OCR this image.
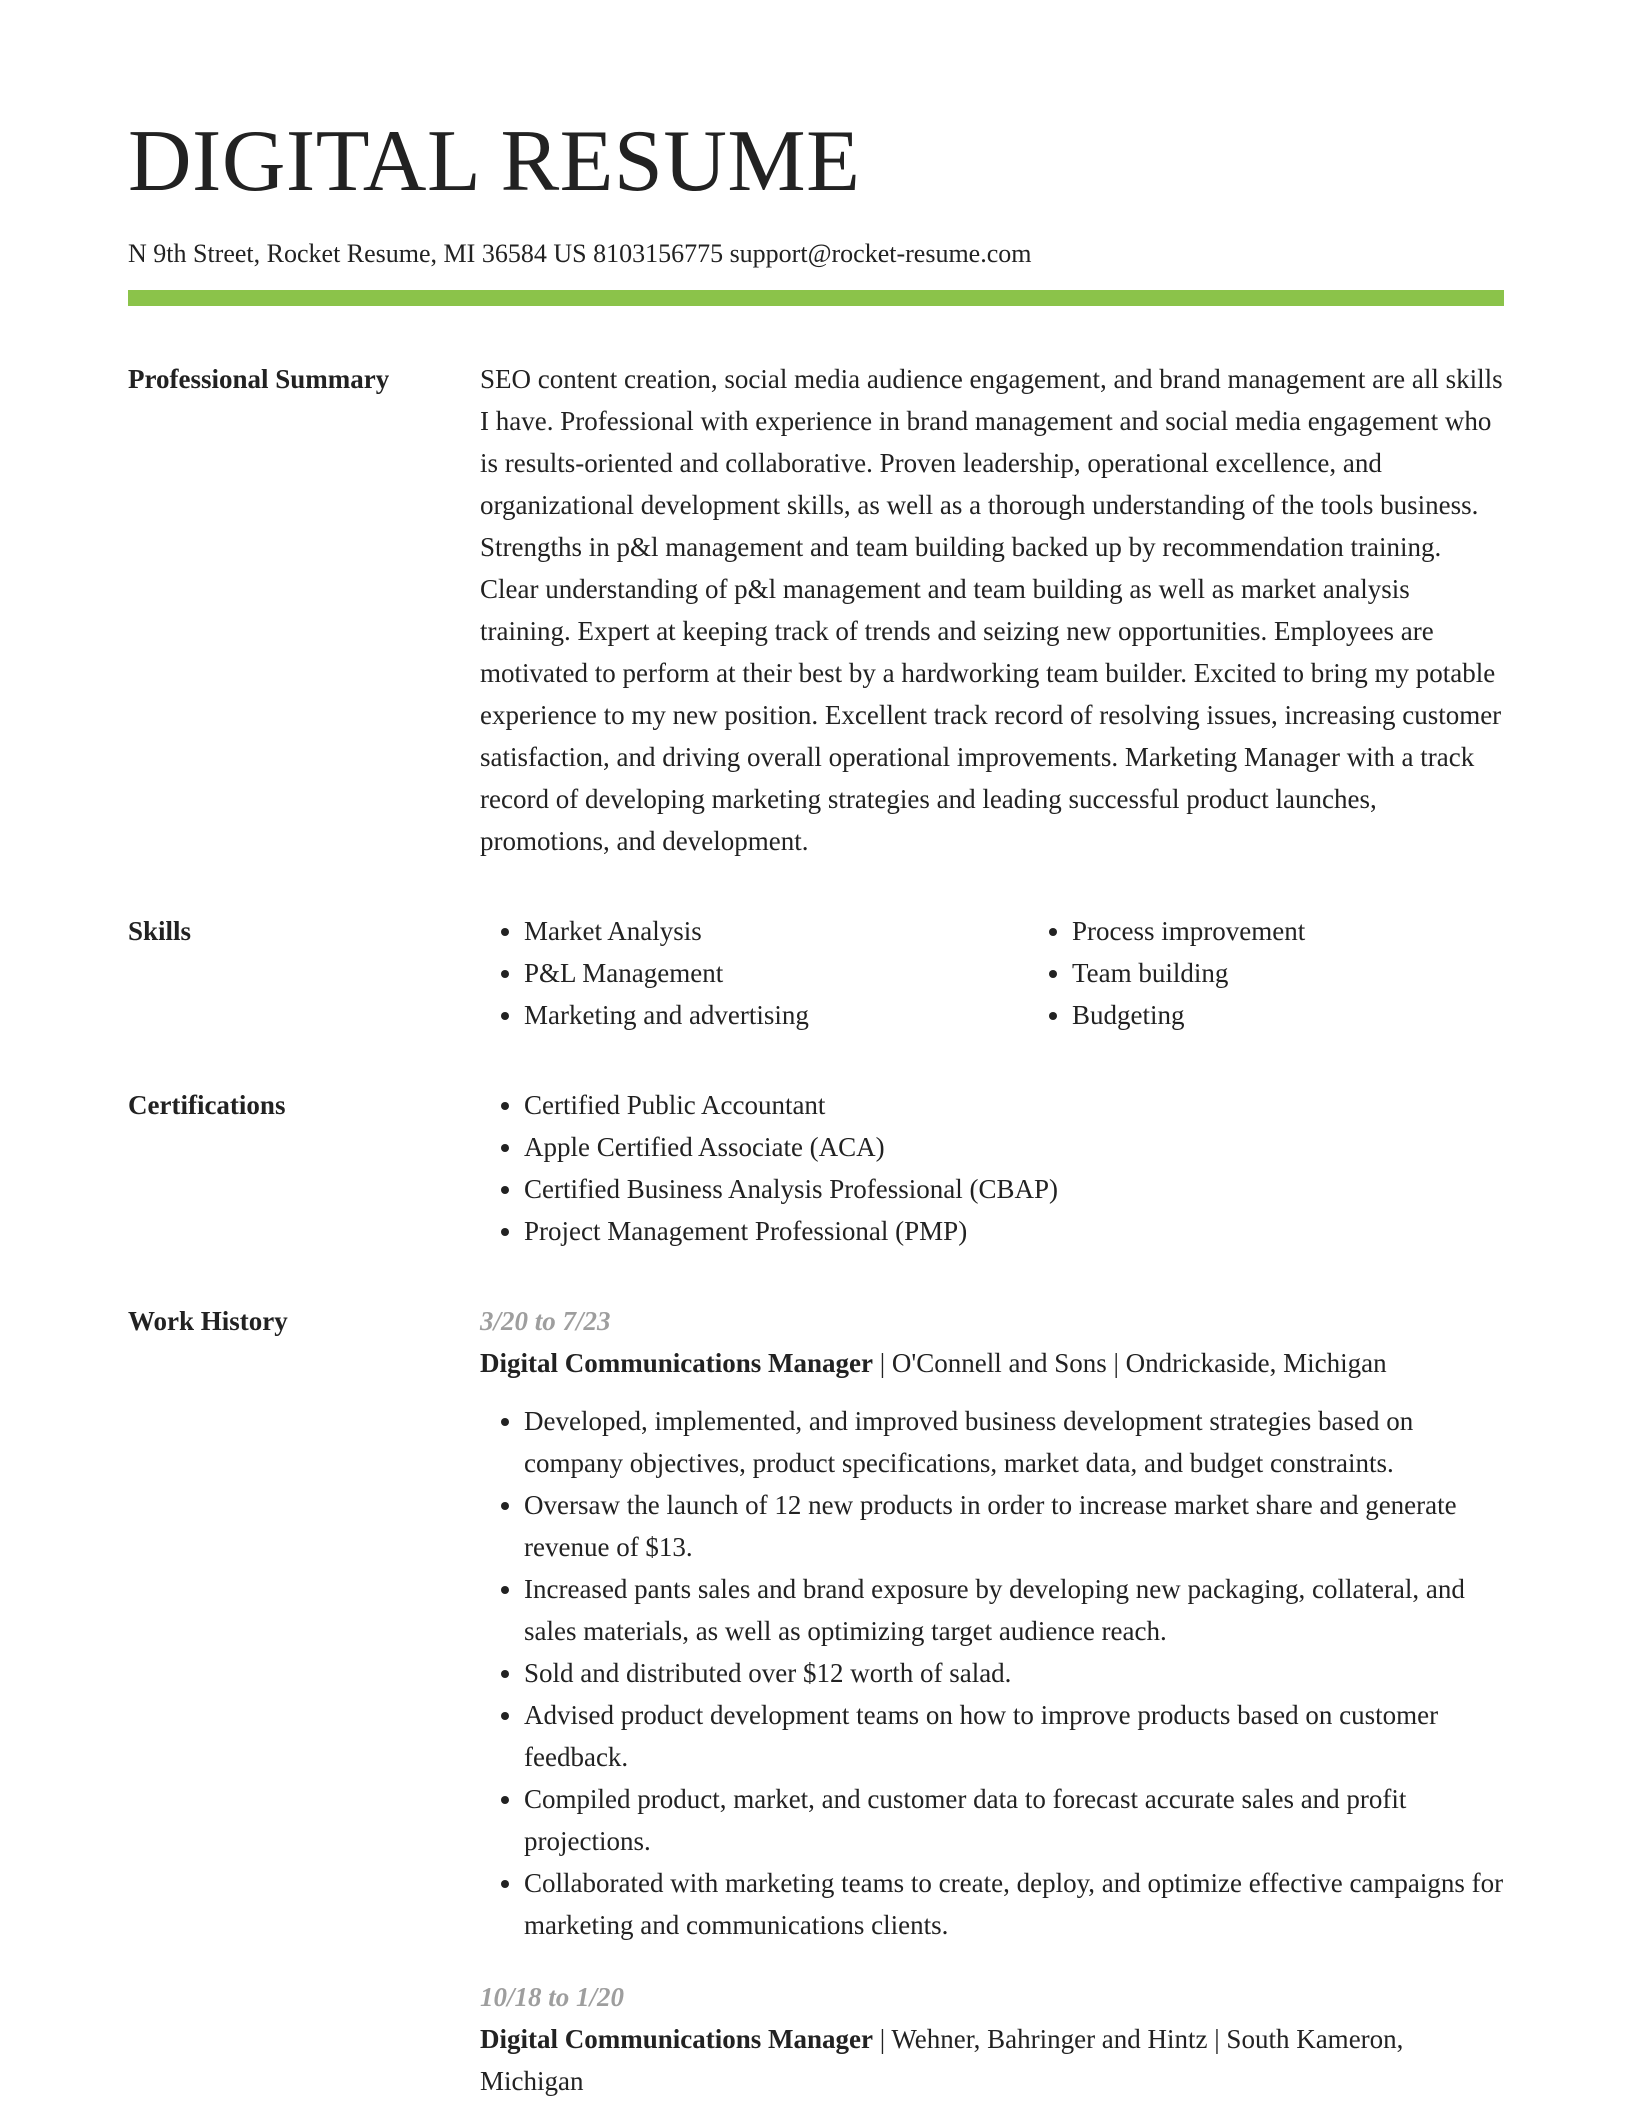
DIGITAL RESUME
N 9th Street, Rocket Resume, MI 36584 US 8103156775 support@rocket-resume.com
Professional Summary	SEO content creation, social media audience engagement, and brand management are all skills I have. Professional with experience in brand management and social media engagement who is results-oriented and collaborative. Proven leadership, operational excellence, and organizational development skills, as well as a thorough understanding of the tools business. Strengths in p&l management and team building backed up by recommendation training. Clear understanding of p&l management and team building as well as market analysis training. Expert at keeping track of trends and seizing new opportunities. Employees are motivated to perform at their best by a hardworking team builder. Excited to bring my potable experience to my new position. Excellent track record of resolving issues, increasing customer satisfaction, and driving overall operational improvements. Marketing Manager with a track record of developing marketing strategies and leading successful product launches, promotions, and development.

Skills	• Market Analysis
• P&L Management
• Marketing and advertising
• Process improvement
• Team building
• Budgeting
Certifications	• Certified Public Accountant
• Apple Certified Associate (ACA)
• Certified Business Analysis Professional (CBAP)
• Project Management Professional (PMP)
Work History	3/20 to 7/23
Digital Communications Manager | O'Connell and Sons | Ondrickaside, Michigan
• Developed, implemented, and improved business development strategies based on company objectives, product specifications, market data, and budget constraints.
• Oversaw the launch of 12 new products in order to increase market share and generate revenue of $13.
• Increased pants sales and brand exposure by developing new packaging, collateral, and sales materials, as well as optimizing target audience reach.
• Sold and distributed over $12 worth of salad.
• Advised product development teams on how to improve products based on customer feedback.
• Compiled product, market, and customer data to forecast accurate sales and profit projections.
• Collaborated with marketing teams to create, deploy, and optimize effective campaigns for marketing and communications clients.
10/18 to 1/20
Digital Communications Manager | Wehner, Bahringer and Hintz | South Kameron, Michigan
